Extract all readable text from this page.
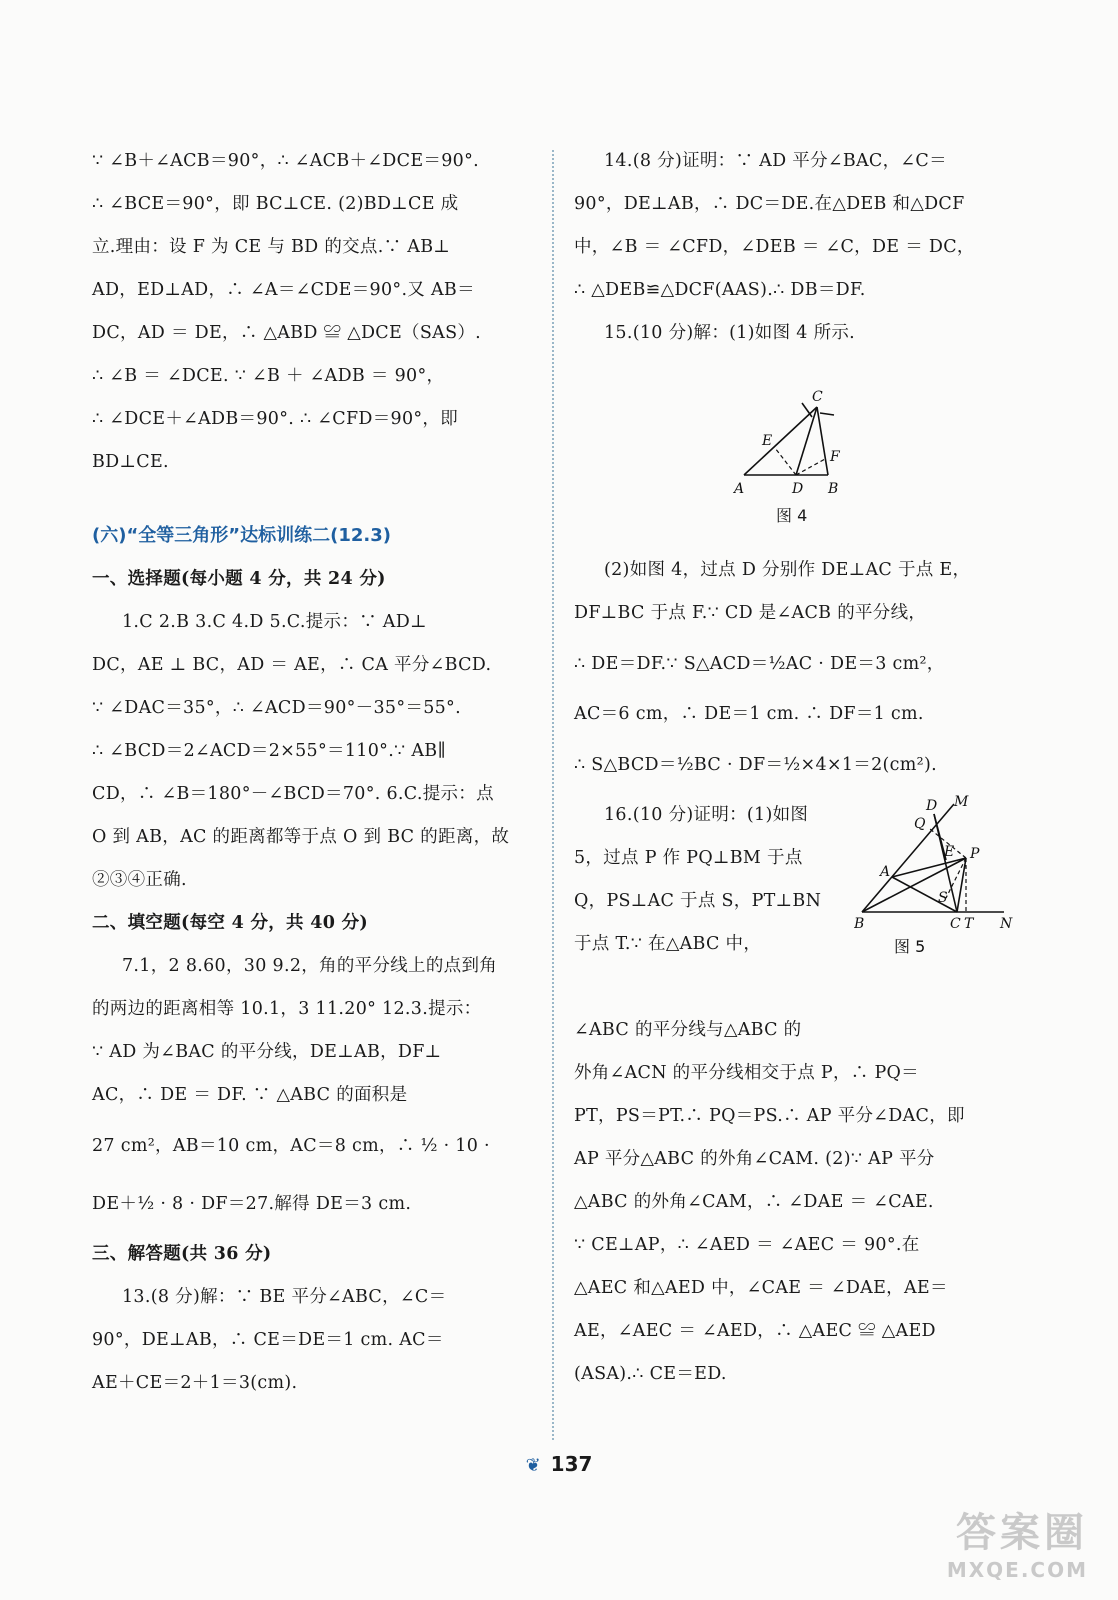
∵ ∠B＋∠ACB＝90°，∴ ∠ACB＋∠DCE＝90°.

∴ ∠BCE＝90°，即 BC⊥CE. (2)BD⊥CE 成

立.理由：设 F 为 CE 与 BD 的交点.∵ AB⊥

AD，ED⊥AD，∴ ∠A＝∠CDE＝90°.又 AB＝

DC，AD ＝ DE，∴ △ABD ≌ △DCE（SAS）.

∴ ∠B ＝ ∠DCE. ∵ ∠B ＋ ∠ADB ＝ 90°，

∴ ∠DCE＋∠ADB＝90°. ∴ ∠CFD＝90°，即

BD⊥CE.

(六)“全等三角形”达标训练二(12.3)

一、选择题(每小题 4 分，共 24 分)

1.C 2.B 3.C 4.D 5.C.提示：∵ AD⊥

DC，AE ⊥ BC，AD ＝ AE，∴ CA 平分∠BCD.

∵ ∠DAC＝35°，∴ ∠ACD＝90°－35°＝55°.

∴ ∠BCD＝2∠ACD＝2×55°＝110°.∵ AB∥

CD，∴ ∠B＝180°－∠BCD＝70°. 6.C.提示：点

O 到 AB，AC 的距离都等于点 O 到 BC 的距离，故

②③④正确.

二、填空题(每空 4 分，共 40 分)

7.1，2 8.60，30 9.2，角的平分线上的点到角

的两边的距离相等 10.1，3 11.20° 12.3.提示：

∵ AD 为∠BAC 的平分线，DE⊥AB，DF⊥

AC，∴ DE ＝ DF. ∵ △ABC 的面积是

27 cm²，AB＝10 cm，AC＝8 cm，∴ ½ · 10 ·

DE＋½ · 8 · DF＝27.解得 DE＝3 cm.

三、解答题(共 36 分)

13.(8 分)解：∵ BE 平分∠ABC，∠C＝

90°，DE⊥AB，∴ CE＝DE＝1 cm. AC＝

AE＋CE＝2＋1＝3(cm).

14.(8 分)证明：∵ AD 平分∠BAC，∠C＝

90°，DE⊥AB，∴ DC＝DE.在△DEB 和△DCF

中，∠B ＝ ∠CFD，∠DEB ＝ ∠C，DE ＝ DC，

∴ △DEB≌△DCF(AAS).∴ DB＝DF.

15.(10 分)解：(1)如图 4 所示.

A	B
C
D
E
F
图 4

(2)如图 4，过点 D 分别作 DE⊥AC 于点 E，

DF⊥BC 于点 F.∵ CD 是∠ACB 的平分线，

∴ DE＝DF.∵ S△ACD＝½AC · DE＝3 cm²，

AC＝6 cm，∴ DE＝1 cm. ∴ DF＝1 cm.

∴ S△BCD＝½BC · DF＝½×4×1＝2(cm²).

16.(10 分)证明：(1)如图

5，过点 P 作 PQ⊥BM 于点

Q，PS⊥AC 于点 S，PT⊥BN

于点 T.∵ 在△ABC 中，

D M
Q
A
E P
S
B	C T N
图 5

∠ABC 的平分线与△ABC 的

外角∠ACN 的平分线相交于点 P，∴ PQ＝

PT，PS＝PT.∴ PQ＝PS.∴ AP 平分∠DAC，即

AP 平分△ABC 的外角∠CAM. (2)∵ AP 平分

△ABC 的外角∠CAM，∴ ∠DAE ＝ ∠CAE.

∵ CE⊥AP，∴ ∠AED ＝ ∠AEC ＝ 90°.在

△AEC 和△AED 中，∠CAE ＝ ∠DAE，AE＝

AE，∠AEC ＝ ∠AED，∴ △AEC ≌ △AED

(ASA).∴ CE＝ED.

❦ 137
答案圈
MXQE.COM
